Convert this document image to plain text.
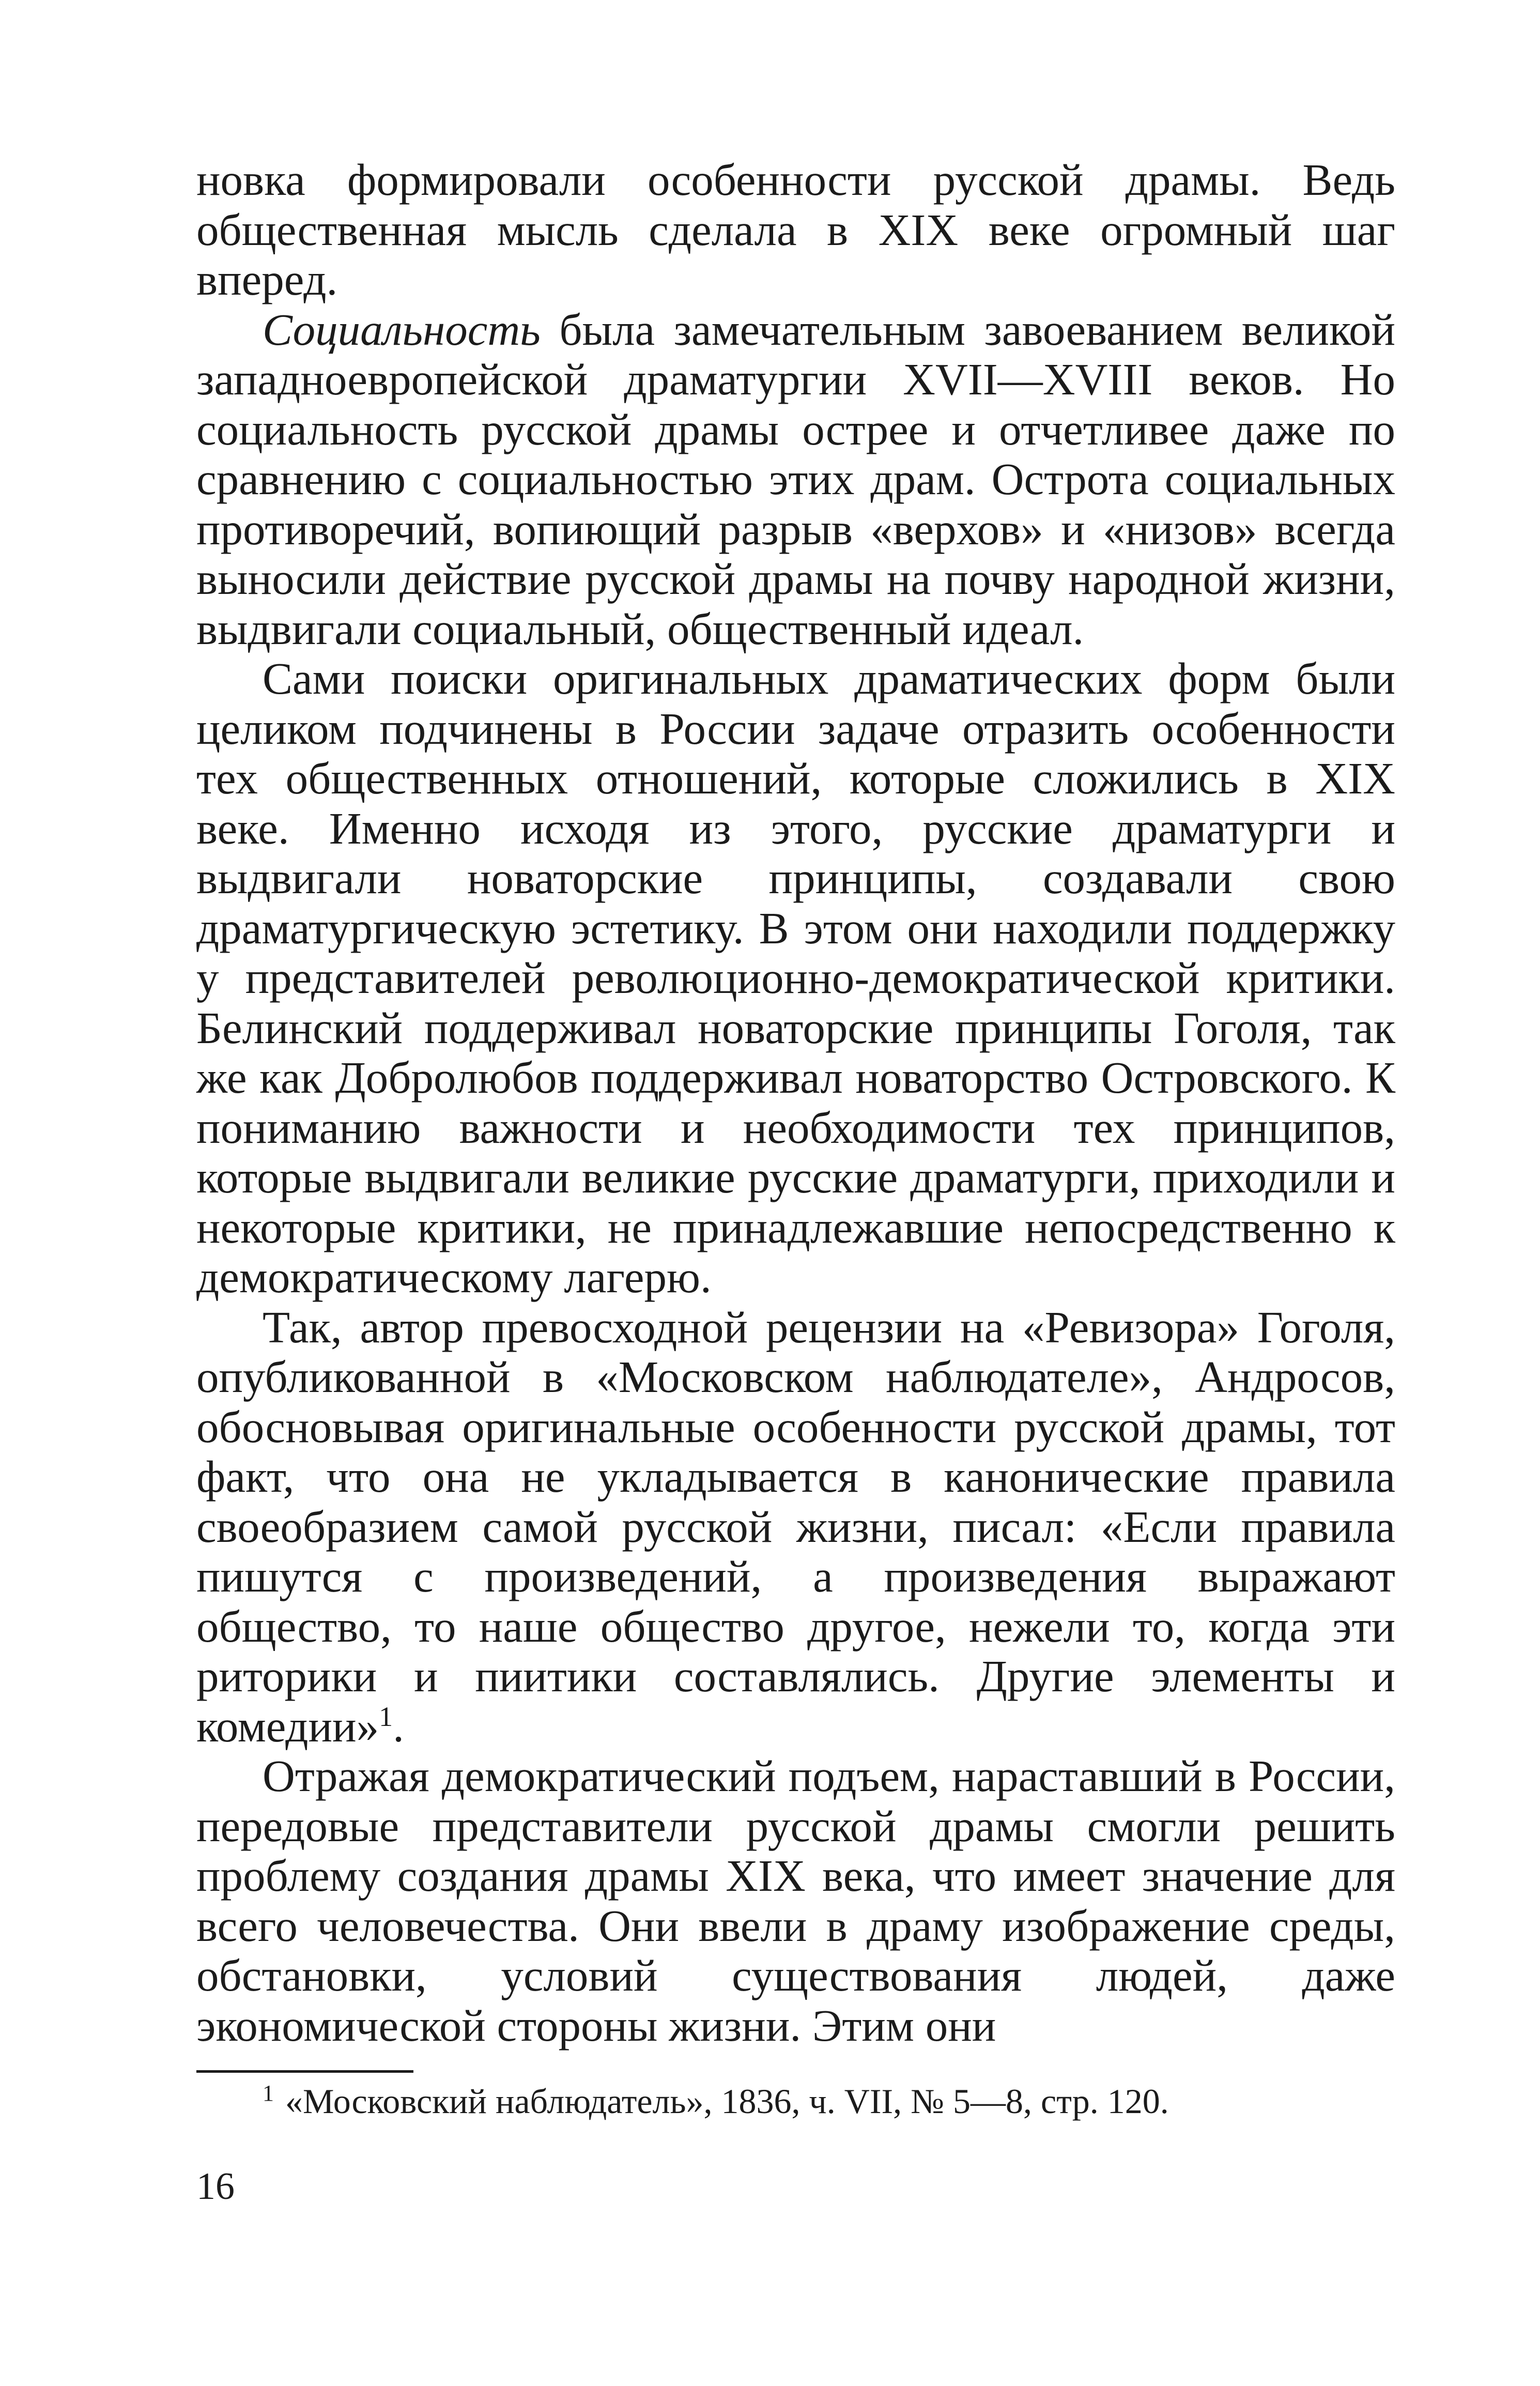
новка формировали особенности русской драмы. Ведь общественная мысль сделала в XIX веке огромный шаг вперед.

Социальность была замечательным завоеванием великой западноевропейской драматургии XVII—XVIII веков. Но социальность русской драмы острее и отчетливее даже по сравнению с социальностью этих драм. Острота социальных противоречий, вопиющий разрыв «верхов» и «низов» всегда выносили действие русской драмы на почву народной жизни, выдвигали социальный, общественный идеал.

Сами поиски оригинальных драматических форм были целиком подчинены в России задаче отразить особенности тех общественных отношений, которые сложились в XIX веке. Именно исходя из этого, русские драматурги и выдвигали новаторские принципы, создавали свою драматургическую эстетику. В этом они находили поддержку у представителей революционно-демократической критики. Белинский поддерживал новаторские принципы Гоголя, так же как Добролюбов поддерживал новаторство Островского. К пониманию важности и необходимости тех принципов, которые выдвигали великие русские драматурги, приходили и некоторые критики, не принадлежавшие непосредственно к демократическому лагерю.

Так, автор превосходной рецензии на «Ревизора» Гоголя, опубликованной в «Московском наблюдателе», Андросов, обосновывая оригинальные особенности русской драмы, тот факт, что она не укладывается в канонические правила своеобразием самой русской жизни, писал: «Если правила пишутся с произведений, а произведения выражают общество, то наше общество другое, нежели то, когда эти риторики и пиитики составлялись. Другие элементы и комедии»$^1$.

Отражая демократический подъем, нараставший в России, передовые представители русской драмы смогли решить проблему создания драмы XIX века, что имеет значение для всего человечества. Они ввели в драму изображение среды, обстановки, условий существования людей, даже экономической стороны жизни. Этим они

$^1$ «Московский наблюдатель», 1836, ч. VII, № 5—8, стр. 120.

16
